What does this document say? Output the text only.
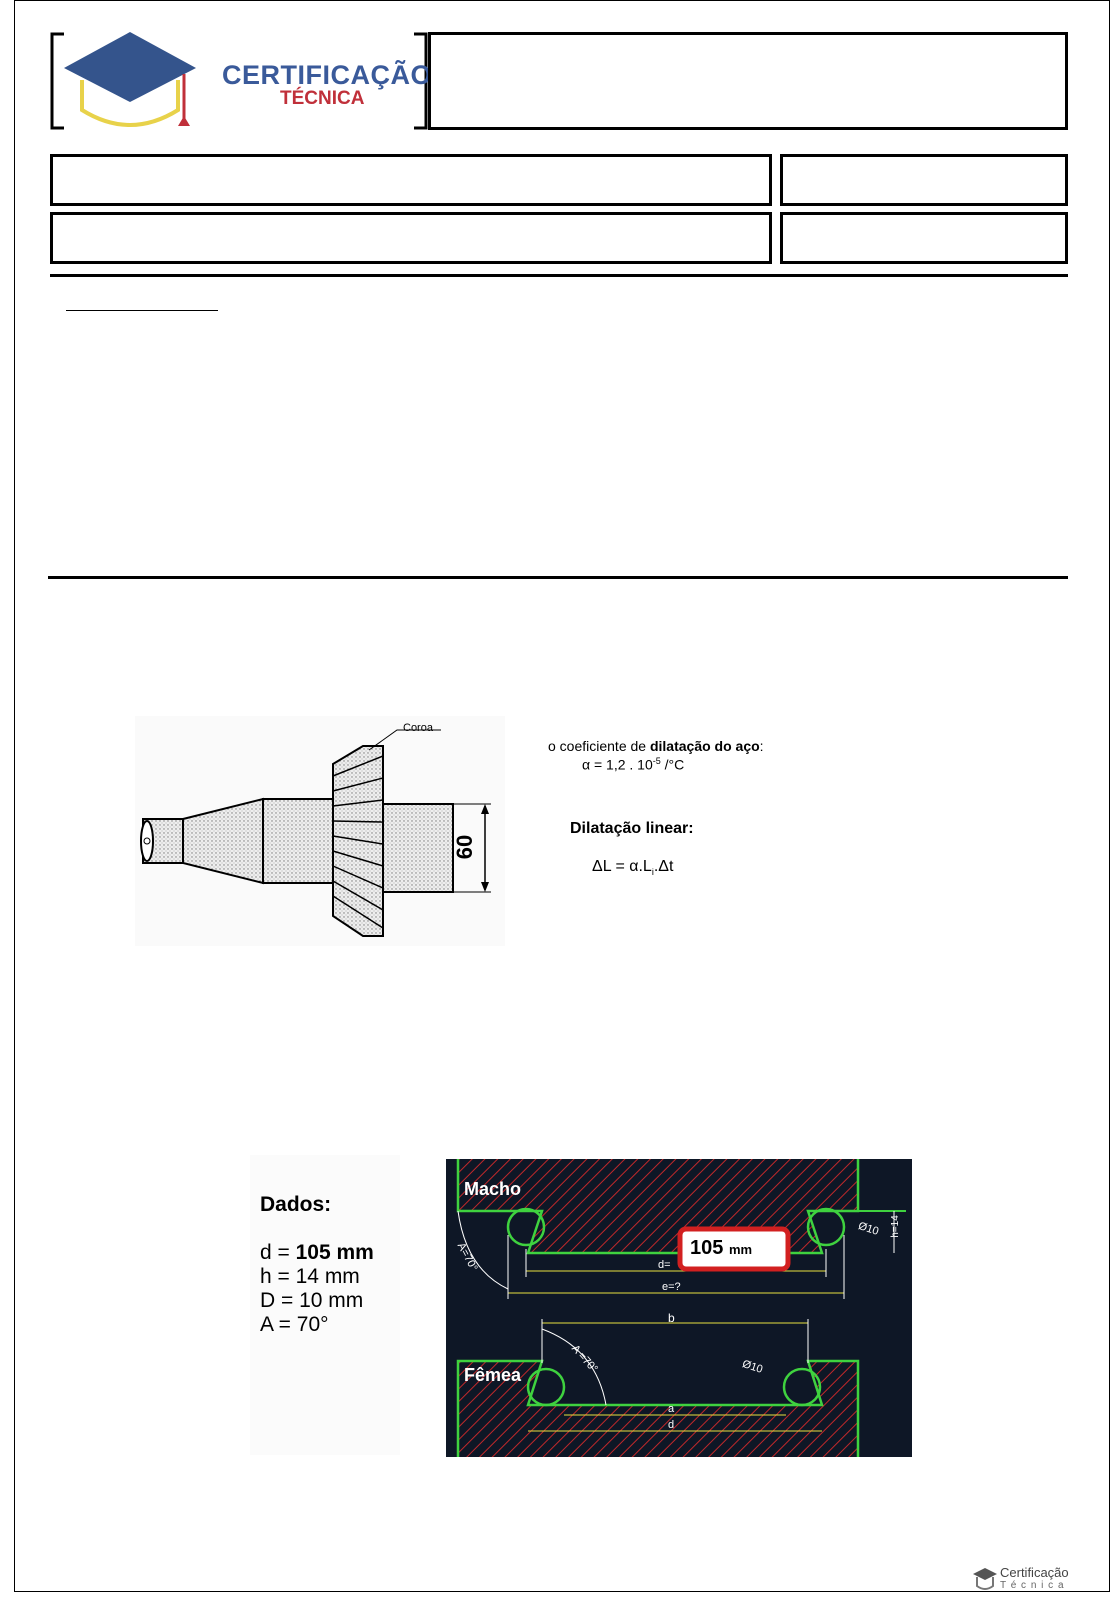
CERTIFICAÇÃO
TÉCNICA
Coroa
60
o coeficiente de dilatação do aço:
α = 1,2 . $10^{-5}$ /°C
Dilatação linear:
$\Delta L = \alpha.L_i.\Delta t$
Dados:
d = 105 mm
h = 14 mm
D = 10 mm
A = 70°
Macho
Fêmea
105 mm
A=70°
A =70°
Ø10
Ø10
h=14
d=
e=?
b
a
d
Certificação
T é c n i c a
